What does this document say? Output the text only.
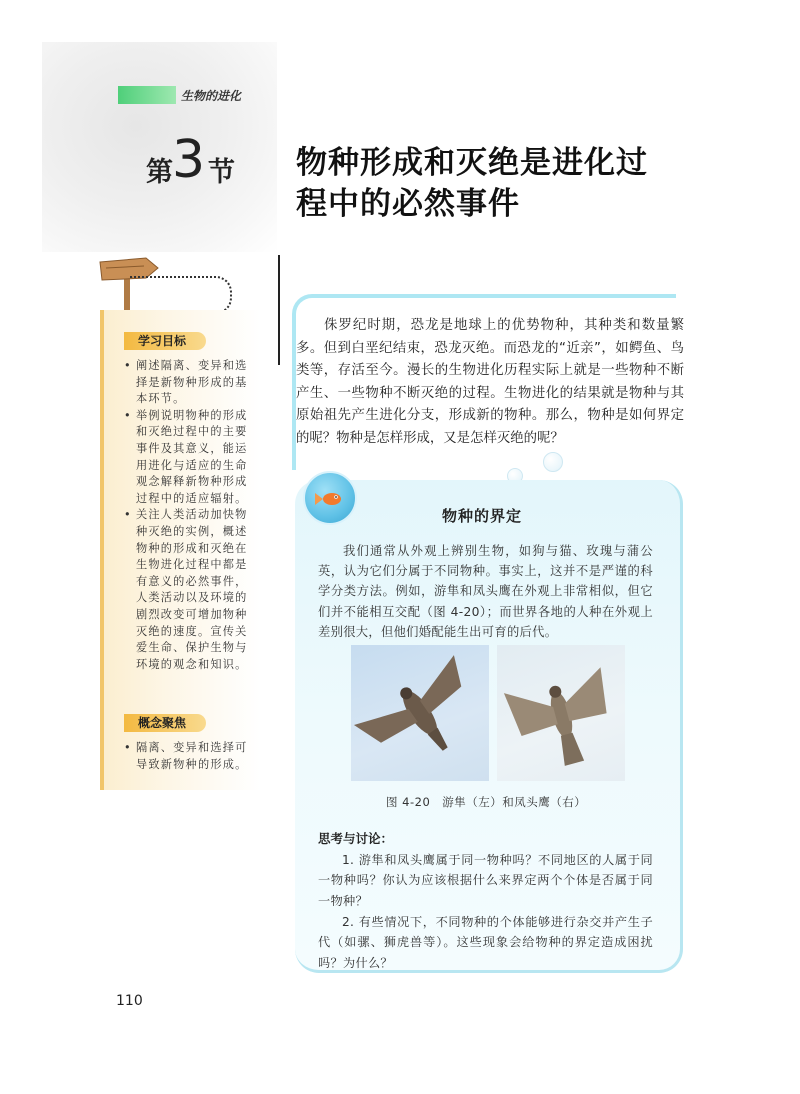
生物的进化
第 3 节 物种形成和灭绝是进化过
程中的必然事件
学习目标
• 阐述隔离、变异和选择是新物种形成的基本环节。
• 举例说明物种的形成和灭绝过程中的主要事件及其意义，能运用进化与适应的生命观念解释新物种形成过程中的适应辐射。
• 关注人类活动加快物种灭绝的实例，概述物种的形成和灭绝在生物进化过程中都是有意义的必然事件，人类活动以及环境的剧烈改变可增加物种灭绝的速度。宣传关爱生命、保护生物与环境的观念和知识。
概念聚焦
• 隔离、变异和选择可导致新物种的形成。
侏罗纪时期，恐龙是地球上的优势物种，其种类和数量繁多。但到白垩纪结束，恐龙灭绝。而恐龙的“近亲”，如鳄鱼、鸟类等，存活至今。漫长的生物进化历程实际上就是一些物种不断产生、一些物种不断灭绝的过程。生物进化的结果就是物种与其原始祖先产生进化分支，形成新的物种。那么，物种是如何界定的呢？物种是怎样形成，又是怎样灭绝的呢？
物种的界定
我们通常从外观上辨别生物，如狗与猫、玫瑰与蒲公英，认为它们分属于不同物种。事实上，这并不是严谨的科学分类方法。例如，游隼和凤头鹰在外观上非常相似，但它们并不能相互交配（图 4-20）；而世界各地的人种在外观上差别很大，但他们婚配能生出可育的后代。
图 4-20　游隼（左）和凤头鹰（右）
思考与讨论：
1. 游隼和凤头鹰属于同一物种吗？不同地区的人属于同一物种吗？你认为应该根据什么来界定两个个体是否属于同一物种？
2. 有些情况下，不同物种的个体能够进行杂交并产生子代（如骡、狮虎兽等）。这些现象会给物种的界定造成困扰吗？为什么？
110
